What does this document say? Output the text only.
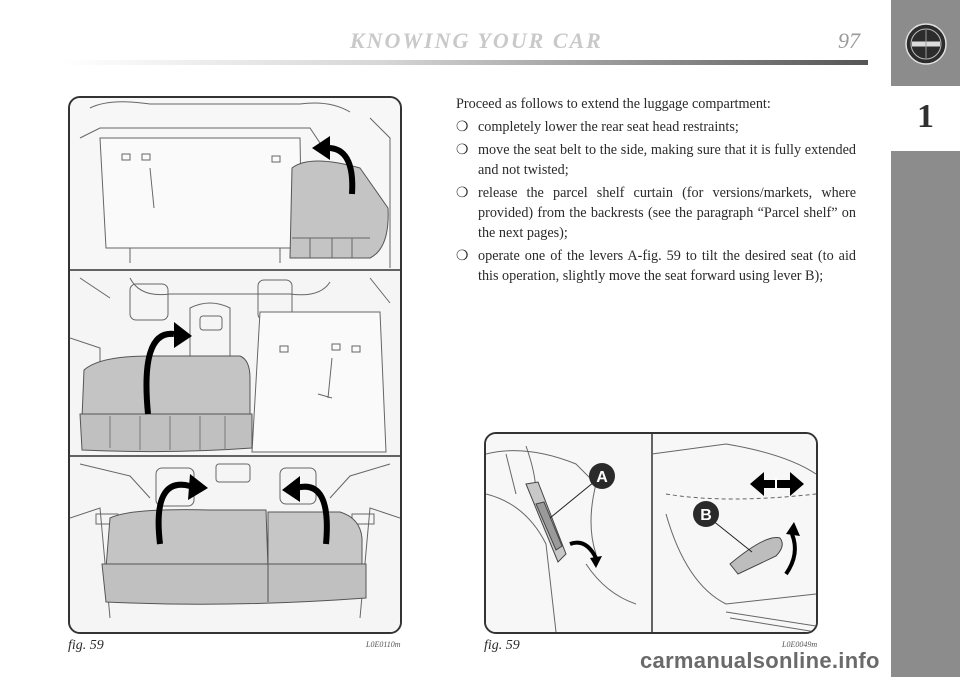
KNOWING YOUR CAR	97
1
fig. 59	L0E0110m

Proceed as follows to extend the luggage compartment:

❍ completely lower the rear seat head restraints;
❍ move the seat belt to the side, making sure that it is fully extended and not twisted;
❍ release the parcel shelf curtain (for versions/markets, where provided) from the backrests (see the paragraph “Parcel shelf” on the next pages);
❍ operate one of the levers A-fig. 59 to tilt the desired seat (to aid this operation, slightly move the seat forward using lever B);
A
B
fig. 59	L0E0049m
carmanualsonline.info
